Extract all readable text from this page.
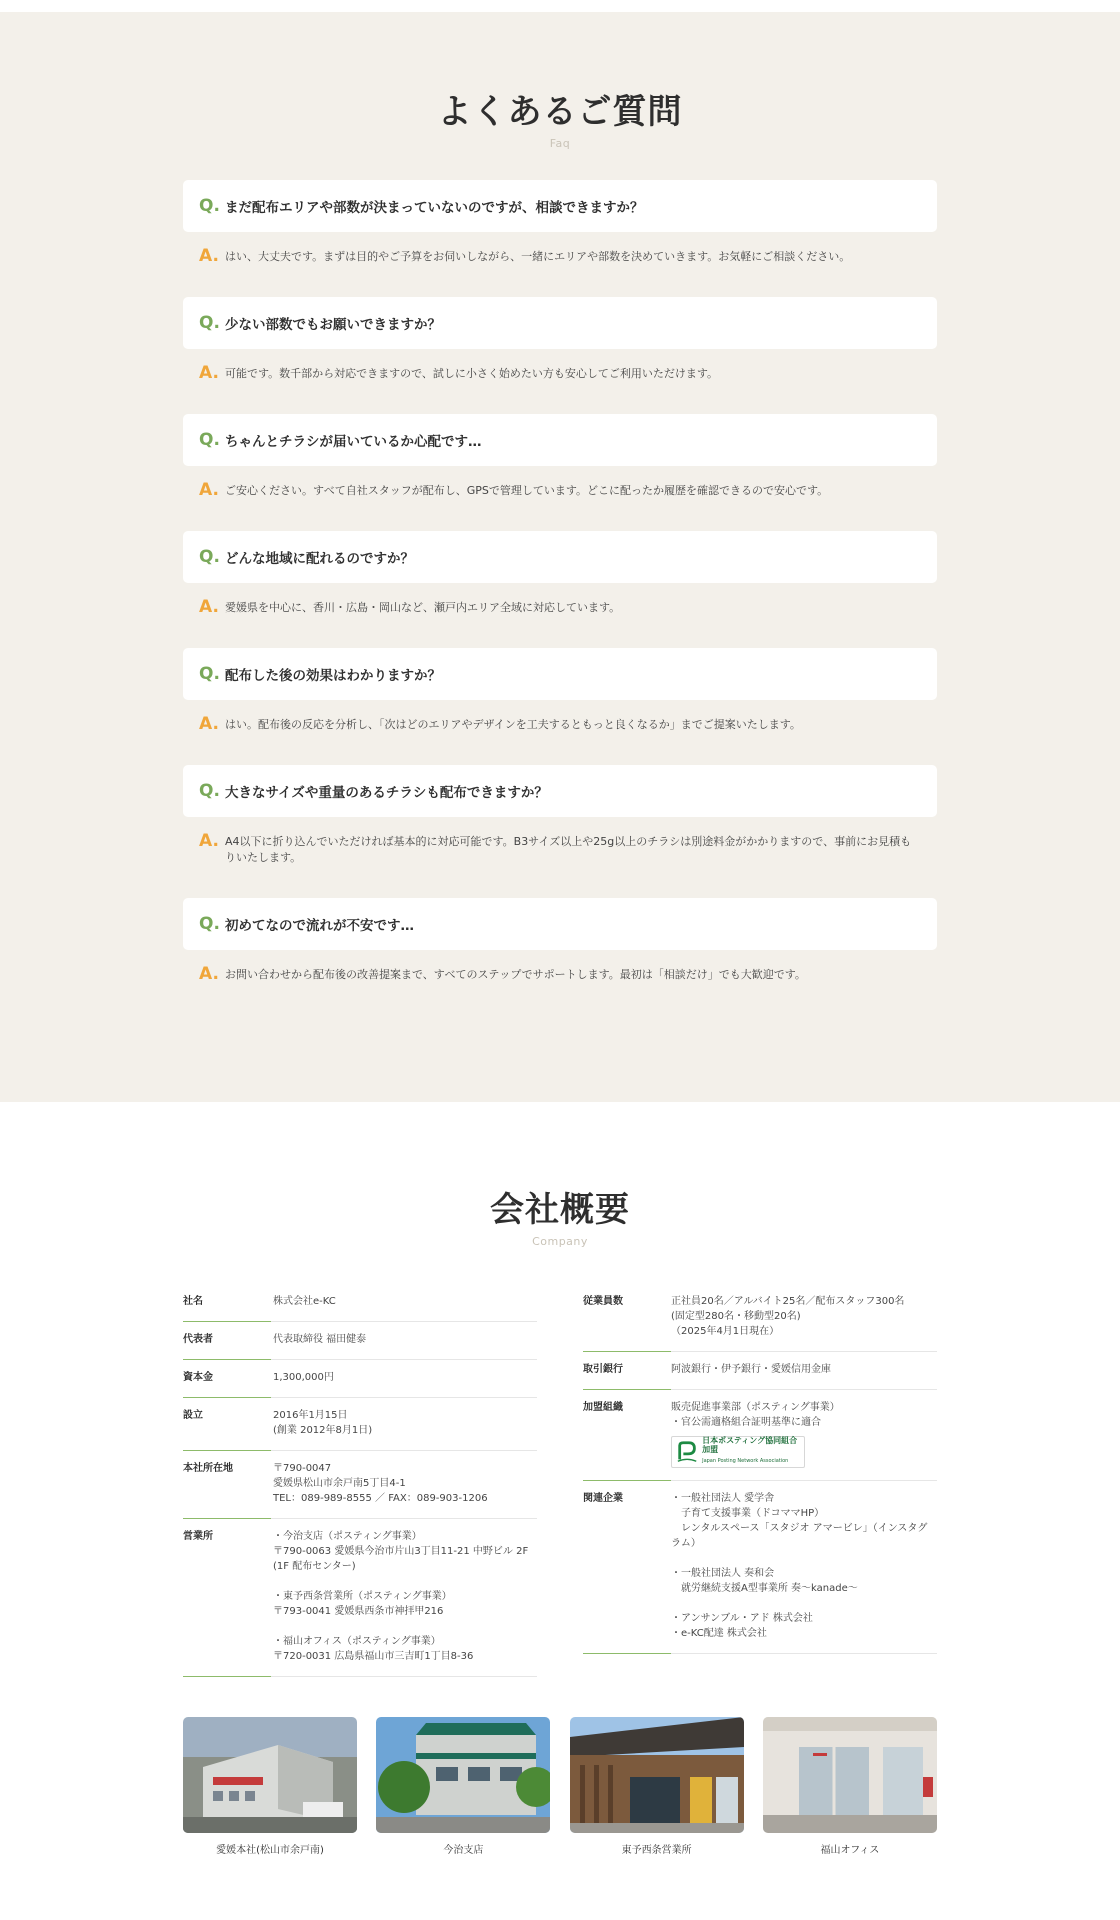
よくあるご質問
Faq
Q. まだ配布エリアや部数が決まっていないのですが、相談できますか？
A. はい、大丈夫です。まずは目的やご予算をお伺いしながら、一緒にエリアや部数を決めていきます。お気軽にご相談ください。
Q. 少ない部数でもお願いできますか？
A. 可能です。数千部から対応できますので、試しに小さく始めたい方も安心してご利用いただけます。
Q. ちゃんとチラシが届いているか心配です…
A. ご安心ください。すべて自社スタッフが配布し、GPSで管理しています。どこに配ったか履歴を確認できるので安心です。
Q. どんな地域に配れるのですか？
A. 愛媛県を中心に、香川・広島・岡山など、瀬戸内エリア全域に対応しています。
Q. 配布した後の効果はわかりますか？
A. はい。配布後の反応を分析し、「次はどのエリアやデザインを工夫するともっと良くなるか」までご提案いたします。
Q. 大きなサイズや重量のあるチラシも配布できますか？
A. A4以下に折り込んでいただければ基本的に対応可能です。B3サイズ以上や25g以上のチラシは別途料金がかかりますので、事前にお見積もりいたします。
Q. 初めてなので流れが不安です…
A. お問い合わせから配布後の改善提案まで、すべてのステップでサポートします。最初は「相談だけ」でも大歓迎です。
会社概要
Company
社名	株式会社e-KC
代表者	代表取締役 福田健泰
資本金	1,300,000円
設立	2016年1月15日
(創業 2012年8月1日)
本社所在地	〒790-0047
愛媛県松山市余戸南5丁目4-1
TEL：089-989-8555 ／ FAX：089-903-1206
営業所	・今治支店（ポスティング事業）
〒790-0063 愛媛県今治市片山3丁目11-21 中野ビル 2F
(1F 配布センター)

・東予西条営業所（ポスティング事業）
〒793-0041 愛媛県西条市神拝甲216

・福山オフィス（ポスティング事業）
〒720-0031 広島県福山市三吉町1丁目8-36
従業員数	正社員20名／アルバイト25名／配布スタッフ300名
(固定型280名・移動型20名)
（2025年4月1日現在）
取引銀行	阿波銀行・伊予銀行・愛媛信用金庫
加盟組織	販売促進事業部（ポスティング事業）
・官公需適格組合証明基準に適合
日本ポスティング協同組合加盟
Japan Posting Network Association
関連企業	・一般社団法人 愛学舎
　子育て支援事業（ドコママHP）
　レンタルスペース「スタジオ アマービレ」（インスタグラム）

・一般社団法人 奏和会
　就労継続支援A型事業所 奏〜kanade〜

・アンサンブル・アド 株式会社
・e-KC配達 株式会社
愛媛本社(松山市余戸南)	今治支店	東予西条営業所	福山オフィス
